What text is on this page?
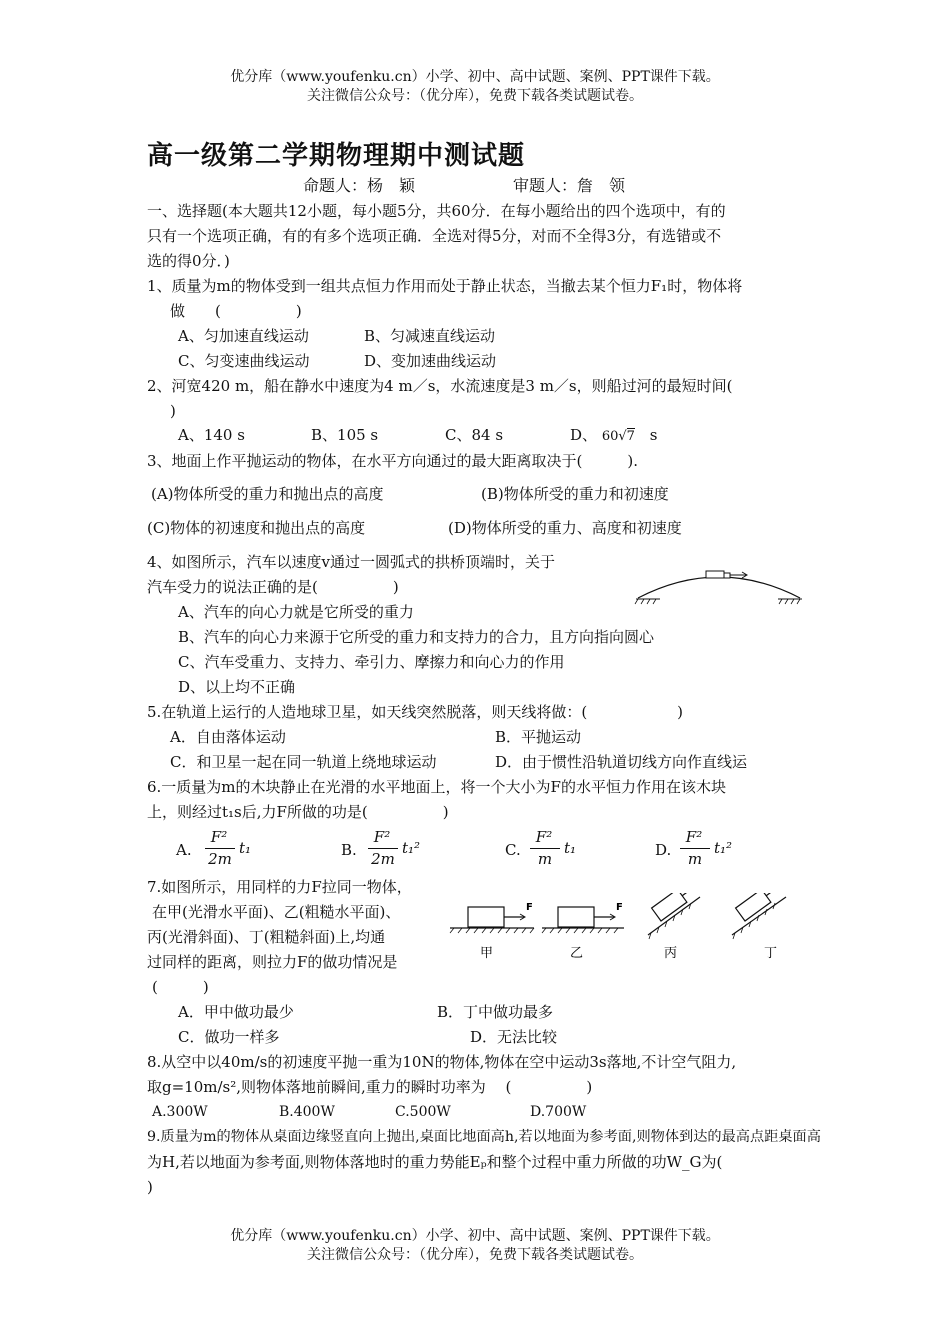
优分库（www.youfenku.cn）小学、初中、高中试题、案例、PPT课件下载。
关注微信公众号：（优分库），免费下载各类试题试卷。
高一级第二学期物理期中测试题
命题人：杨　颖	审题人：詹　领
一、选择题(本大题共12小题，每小题5分，共60分．在每小题给出的四个选项中，有的
只有一个选项正确，有的有多个选项正确．全选对得5分，对而不全得3分，有选错或不
选的得0分．)
1、质量为m的物体受到一组共点恒力作用而处于静止状态，当撤去某个恒力F₁时，物体将
做　　(　　　　　)
A、匀加速直线运动	B、匀减速直线运动
C、匀变速曲线运动	D、变加速曲线运动
2、河宽420 m，船在静水中速度为4 m／s，水流速度是3 m／s，则船过河的最短时间(
)
A、140 s	B、105 s	C、84 s	D、 60√7 s
3、地面上作平抛运动的物体，在水平方向通过的最大距离取决于(　　　).
(A)物体所受的重力和抛出点的高度	(B)物体所受的重力和初速度
(C)物体的初速度和抛出点的高度	(D)物体所受的重力、高度和初速度
4、如图所示，汽车以速度v通过一圆弧式的拱桥顶端时，关于
汽车受力的说法正确的是(　　　　　)
A、汽车的向心力就是它所受的重力
B、汽车的向心力来源于它所受的重力和支持力的合力，且方向指向圆心
C、汽车受重力、支持力、牵引力、摩擦力和向心力的作用
D、以上均不正确
5.在轨道上运行的人造地球卫星，如天线突然脱落，则天线将做：(　　　　　　)
A．自由落体运动	B．平抛运动
C．和卫星一起在同一轨道上绕地球运动	D．由于惯性沿轨道切线方向作直线运
6.一质量为m的木块静止在光滑的水平地面上，将一个大小为F的水平恒力作用在该木块
上，则经过t₁s后,力F所做的功是(　　　　　)
A.
F²
2m
t₁	B.
F²
2m
t₁²	C.
F²
m
t₁	D.
F²
m
t₁²
7.如图所示，用同样的力F拉同一物体，
在甲(光滑水平面)、乙(粗糙水平面)、
丙(光滑斜面)、丁(粗糙斜面)上,均通
过同样的距离，则拉力F的做功情况是
(　　　)
F
甲
F
乙	丙	丁
A．甲中做功最少	B．丁中做功最多
C．做功一样多	D．无法比较
8.从空中以40m/s的初速度平抛一重为10N的物体,物体在空中运动3s落地,不计空气阻力,
取g=10m/s²,则物体落地前瞬间,重力的瞬时功率为　 (　　　　　)
A.300W	B.400W	C.500W	D.700W
9.质量为m的物体从桌面边缘竖直向上抛出,桌面比地面高h,若以地面为参考面,则物体到达的最高点距桌面高
为H,若以地面为参考面,则物体落地时的重力势能Eₚ和整个过程中重力所做的功W_G为(
)
优分库（www.youfenku.cn）小学、初中、高中试题、案例、PPT课件下载。
关注微信公众号：（优分库），免费下载各类试题试卷。
